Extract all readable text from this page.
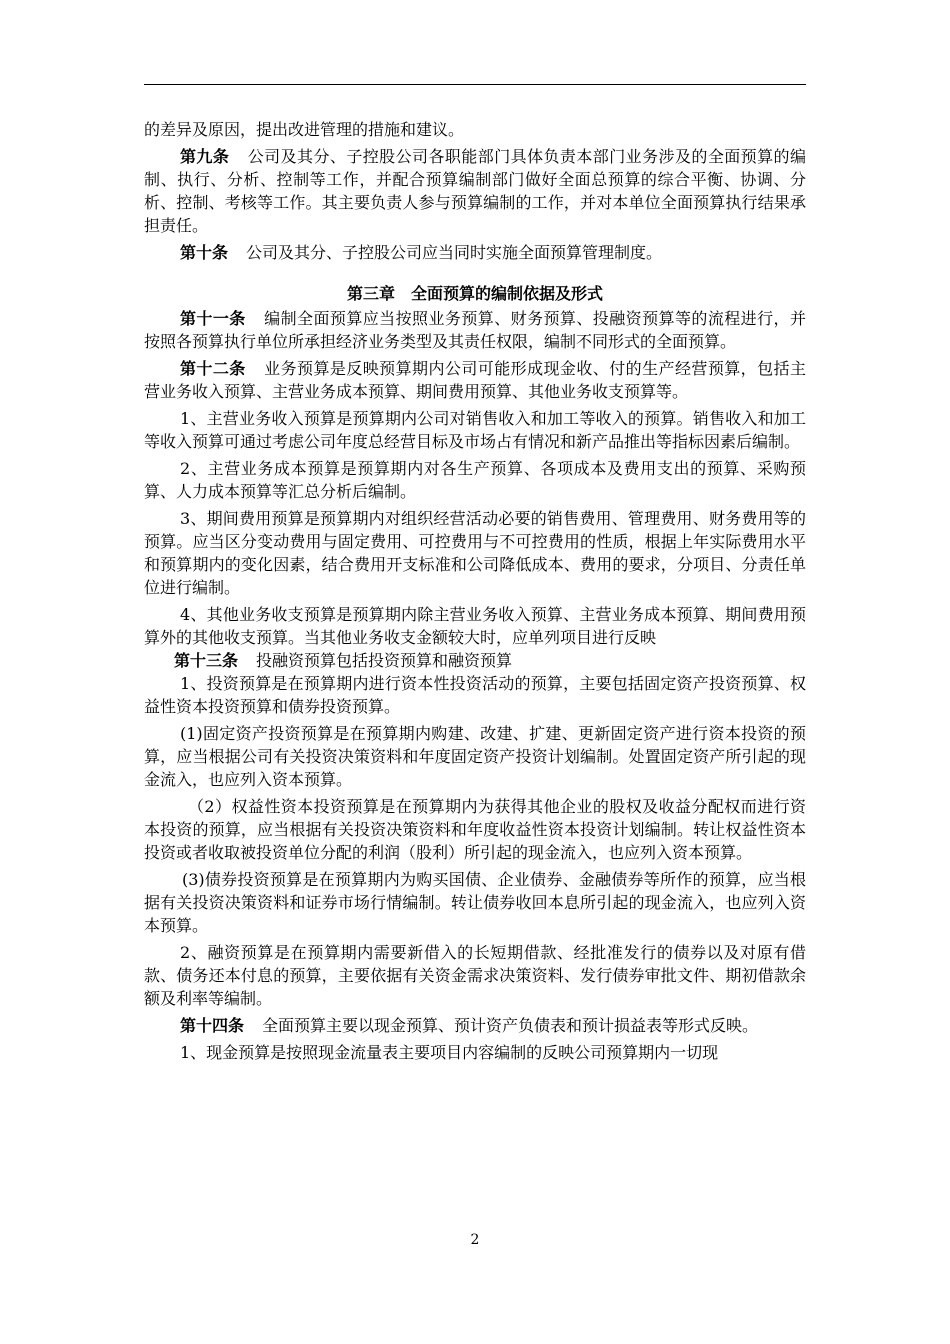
的差异及原因，提出改进管理的措施和建议。

第九条 公司及其分、子控股公司各职能部门具体负责本部门业务涉及的全面预算的编制、执行、分析、控制等工作，并配合预算编制部门做好全面总预算的综合平衡、协调、分析、控制、考核等工作。其主要负责人参与预算编制的工作，并对本单位全面预算执行结果承担责任。

第十条 公司及其分、子控股公司应当同时实施全面预算管理制度。

第三章　全面预算的编制依据及形式

第十一条 编制全面预算应当按照业务预算、财务预算、投融资预算等的流程进行，并按照各预算执行单位所承担经济业务类型及其责任权限，编制不同形式的全面预算。

第十二条 业务预算是反映预算期内公司可能形成现金收、付的生产经营预算，包括主营业务收入预算、主营业务成本预算、期间费用预算、其他业务收支预算等。

1、主营业务收入预算是预算期内公司对销售收入和加工等收入的预算。销售收入和加工等收入预算可通过考虑公司年度总经营目标及市场占有情况和新产品推出等指标因素后编制。

2、主营业务成本预算是预算期内对各生产预算、各项成本及费用支出的预算、采购预算、人力成本预算等汇总分析后编制。

3、期间费用预算是预算期内对组织经营活动必要的销售费用、管理费用、财务费用等的预算。应当区分变动费用与固定费用、可控费用与不可控费用的性质，根据上年实际费用水平和预算期内的变化因素，结合费用开支标准和公司降低成本、费用的要求，分项目、分责任单位进行编制。

4、其他业务收支预算是预算期内除主营业务收入预算、主营业务成本预算、期间费用预算外的其他收支预算。当其他业务收支金额较大时，应单列项目进行反映

第十三条 投融资预算包括投资预算和融资预算

1、投资预算是在预算期内进行资本性投资活动的预算，主要包括固定资产投资预算、权益性资本投资预算和债券投资预算。

(1)固定资产投资预算是在预算期内购建、改建、扩建、更新固定资产进行资本投资的预算，应当根据公司有关投资决策资料和年度固定资产投资计划编制。处置固定资产所引起的现金流入，也应列入资本预算。

（2）权益性资本投资预算是在预算期内为获得其他企业的股权及收益分配权而进行资本投资的预算，应当根据有关投资决策资料和年度收益性资本投资计划编制。转让权益性资本投资或者收取被投资单位分配的利润（股利）所引起的现金流入，也应列入资本预算。

(3)债券投资预算是在预算期内为购买国债、企业债券、金融债券等所作的预算，应当根据有关投资决策资料和证券市场行情编制。转让债券收回本息所引起的现金流入，也应列入资本预算。

2、融资预算是在预算期内需要新借入的长短期借款、经批准发行的债券以及对原有借款、债务还本付息的预算，主要依据有关资金需求决策资料、发行债券审批文件、期初借款余额及利率等编制。

第十四条 全面预算主要以现金预算、预计资产负债表和预计损益表等形式反映。

1、现金预算是按照现金流量表主要项目内容编制的反映公司预算期内一切现

2
